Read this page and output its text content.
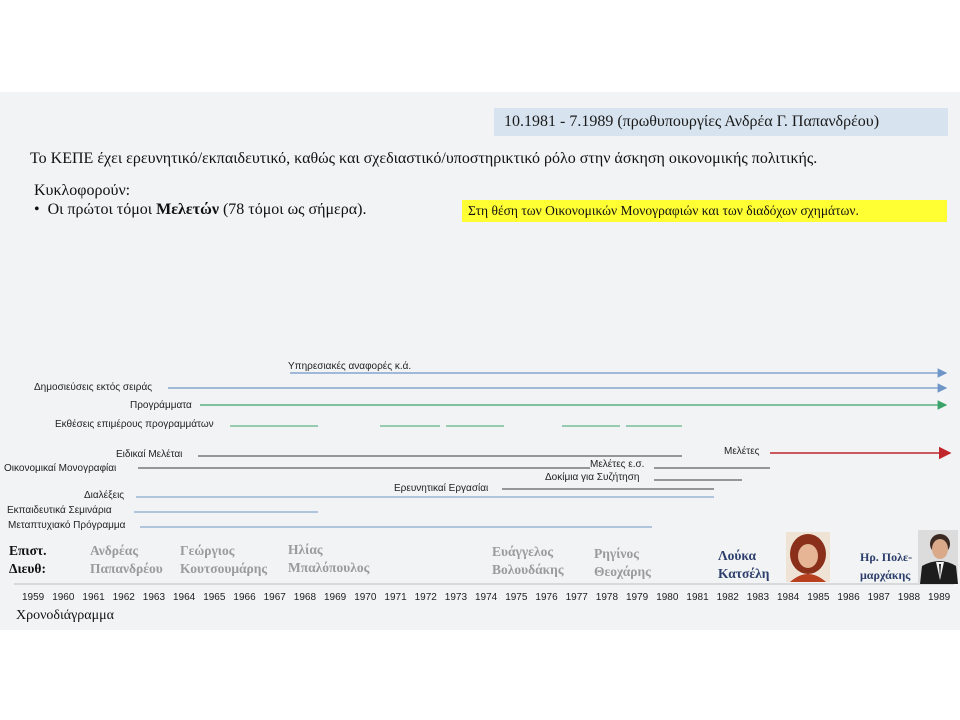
10.1981 - 7.1989 (πρωθυπουργίες Ανδρέα Γ. Παπανδρέου)
Το ΚΕΠΕ έχει ερευνητικό/εκπαιδευτικό, καθώς και σχεδιαστικό/υποστηρικτικό ρόλο στην άσκηση οικονομικής πολιτικής.
Κυκλοφορούν:
• Οι πρώτοι τόμοι Μελετών (78 τόμοι ως σήμερα).	Στη θέση των Οικονομικών Μονογραφιών και των διαδόχων σχημάτων.
Υπηρεσιακές αναφορές κ.ά.
Δημοσιεύσεις εκτός σειράς
Προγράμματα
Εκθέσεις επιμέρους προγραμμάτων
Ειδικαί Μελέται	Μελέτες
Οικονομικαί Μονογραφίαι	Μελέτες ε.σ.
Δοκίμια για Συζήτηση
Ερευνητικαί Εργασίαι
Διαλέξεις
Εκπαιδευτικά Σεμινάρια
Μεταπτυχιακό Πρόγραμμα
Επιστ.
Διευθ:
Ανδρέας
Παπανδρέου
Γεώργιος
Κουτσουμάρης
Ηλίας
Μπαλόπουλος
Ευάγγελος
Βολουδάκης
Ρηγίνος
Θεοχάρης
Λούκα
Κατσέλη
Ηρ. Πολε-
μαρχάκης
1959 1960 1961 1962 1963 1964 1965 1966 1967 1968 1969 1970 1971 1972 1973 1974 1975 1976 1977 1978 1979 1980 1981 1982 1983 1984 1985 1986 1987 1988 1989
Χρονοδιάγραμμα
